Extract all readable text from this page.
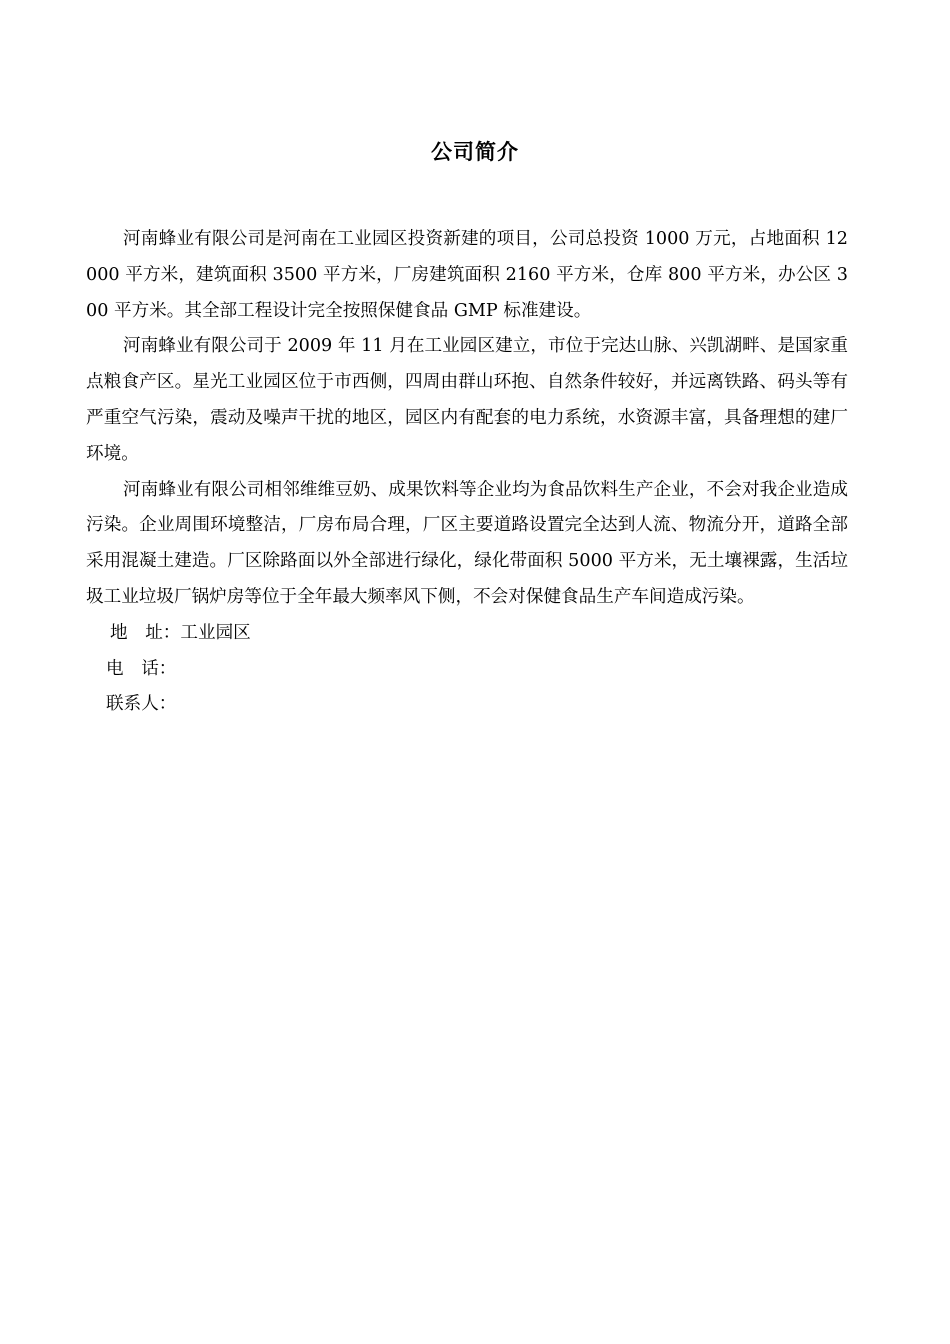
公司简介

河南蜂业有限公司是河南在工业园区投资新建的项目，公司总投资 1000 万元，占地面积 12000 平方米，建筑面积 3500 平方米，厂房建筑面积 2160 平方米，仓库 800 平方米，办公区 300 平方米。其全部工程设计完全按照保健食品 GMP 标准建设。

河南蜂业有限公司于 2009 年 11 月在工业园区建立，市位于完达山脉、兴凯湖畔、是国家重点粮食产区。星光工业园区位于市西侧，四周由群山环抱、自然条件较好，并远离铁路、码头等有严重空气污染，震动及噪声干扰的地区，园区内有配套的电力系统，水资源丰富，具备理想的建厂环境。

河南蜂业有限公司相邻维维豆奶、成果饮料等企业均为食品饮料生产企业，不会对我企业造成污染。企业周围环境整洁，厂房布局合理，厂区主要道路设置完全达到人流、物流分开，道路全部采用混凝土建造。厂区除路面以外全部进行绿化，绿化带面积 5000 平方米，无土壤裸露，生活垃圾工业垃圾厂锅炉房等位于全年最大频率风下侧，不会对保健食品生产车间造成污染。

地　址：工业园区

电　话：

联系人：
